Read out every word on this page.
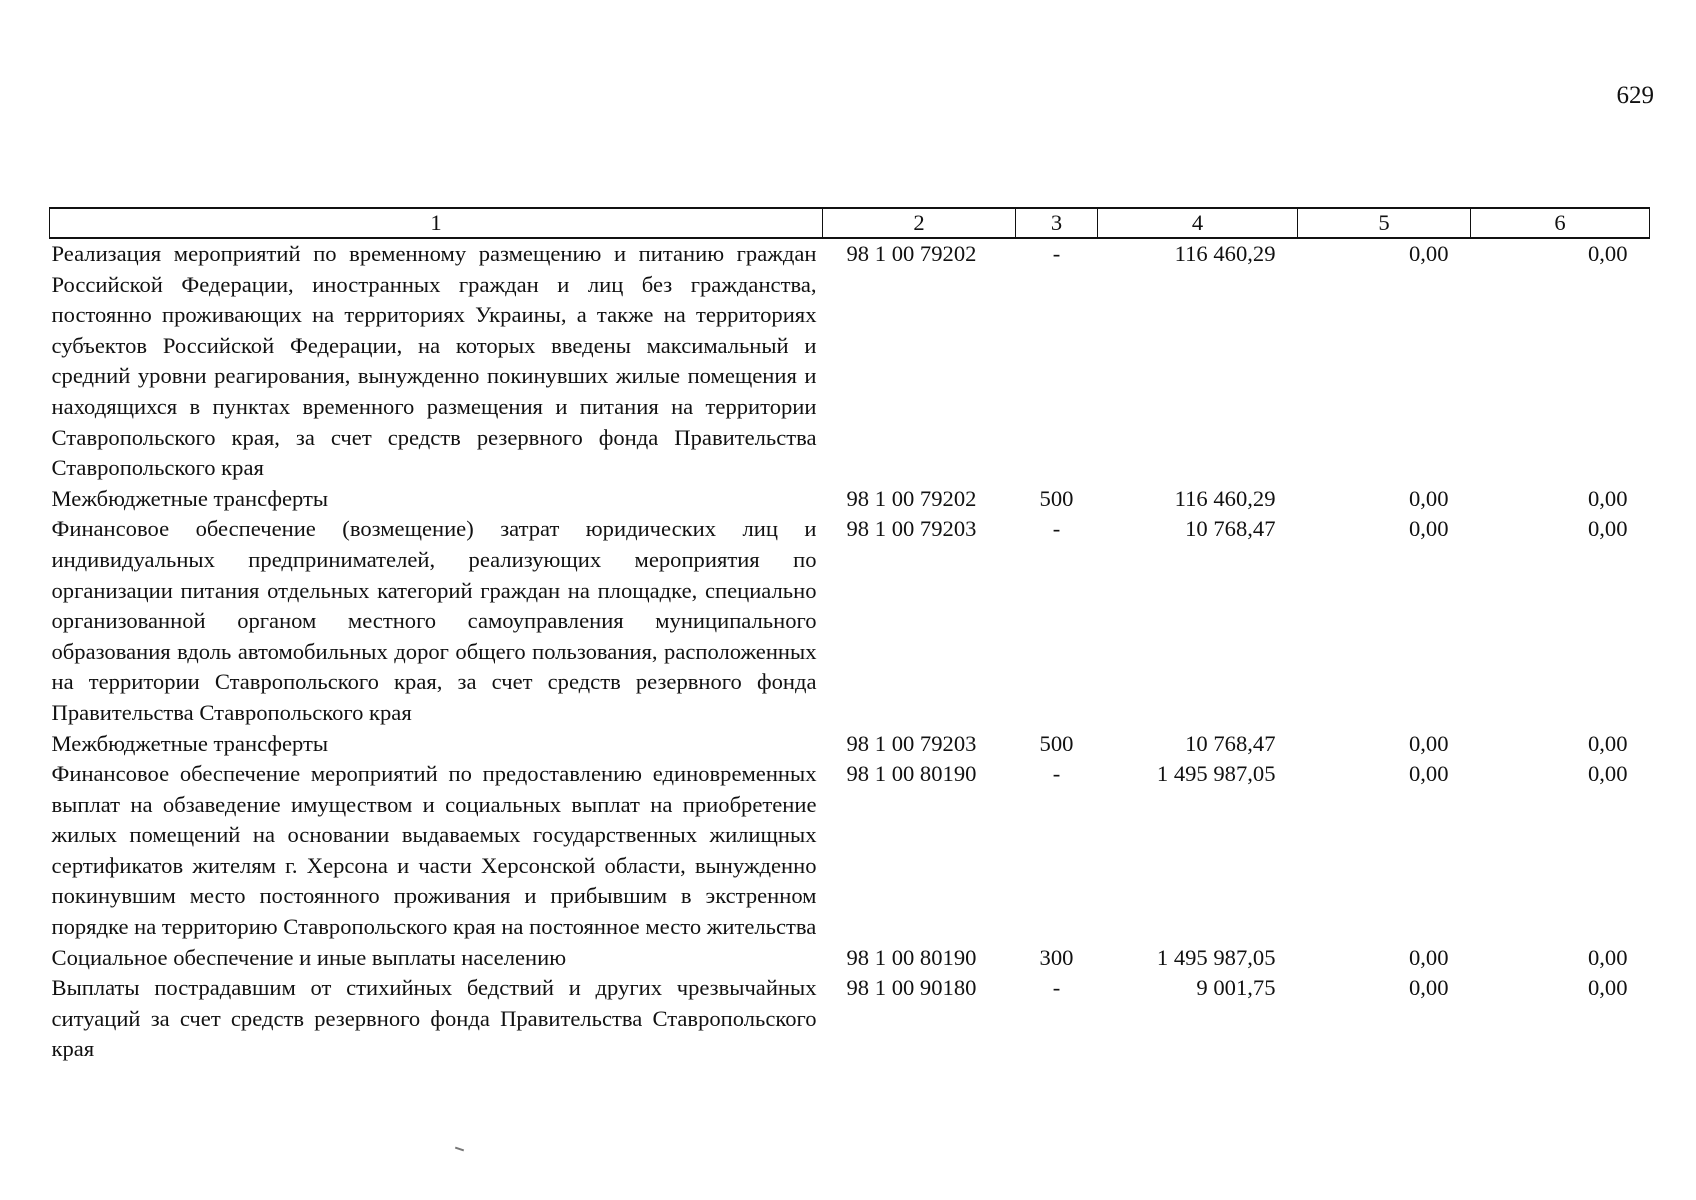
629
1	2	3	4	5	6
Реализация мероприятий по временному размещению и питанию граждан Российской Федерации, иностранных граждан и лиц без гражданства, постоянно проживающих на территориях Украины, а также на территориях субъектов Российской Федерации, на которых введены максимальный и средний уровни реагирования, вынужденно покинувших жилые помещения и находящихся в пунктах временного размещения и питания на территории Ставропольского края, за счет средств резервного фонда Правительства Ставропольского края	98 1 00 79202	-	116 460,29	0,00	0,00
Межбюджетные трансферты	98 1 00 79202	500	116 460,29	0,00	0,00
Финансовое обеспечение (возмещение) затрат юридических лиц и индивидуальных предпринимателей, реализующих мероприятия по организации питания отдельных категорий граждан на площадке, специально организованной органом местного самоуправления муниципального образования вдоль автомобильных дорог общего пользования, расположенных на территории Ставропольского края, за счет средств резервного фонда Правительства Ставропольского края	98 1 00 79203	-	10 768,47	0,00	0,00
Межбюджетные трансферты	98 1 00 79203	500	10 768,47	0,00	0,00
Финансовое обеспечение мероприятий по предоставлению единовременных выплат на обзаведение имуществом и социальных выплат на приобретение жилых помещений на основании выдаваемых государственных жилищных сертификатов жителям г. Херсона и части Херсонской области, вынужденно покинувшим место постоянного проживания и прибывшим в экстренном порядке на территорию Ставропольского края на постоянное место жительства	98 1 00 80190	-	1 495 987,05	0,00	0,00
Социальное обеспечение и иные выплаты населению	98 1 00 80190	300	1 495 987,05	0,00	0,00
Выплаты пострадавшим от стихийных бедствий и других чрезвычайных ситуаций за счет средств резервного фонда Правительства Ставропольского края	98 1 00 90180	-	9 001,75	0,00	0,00
